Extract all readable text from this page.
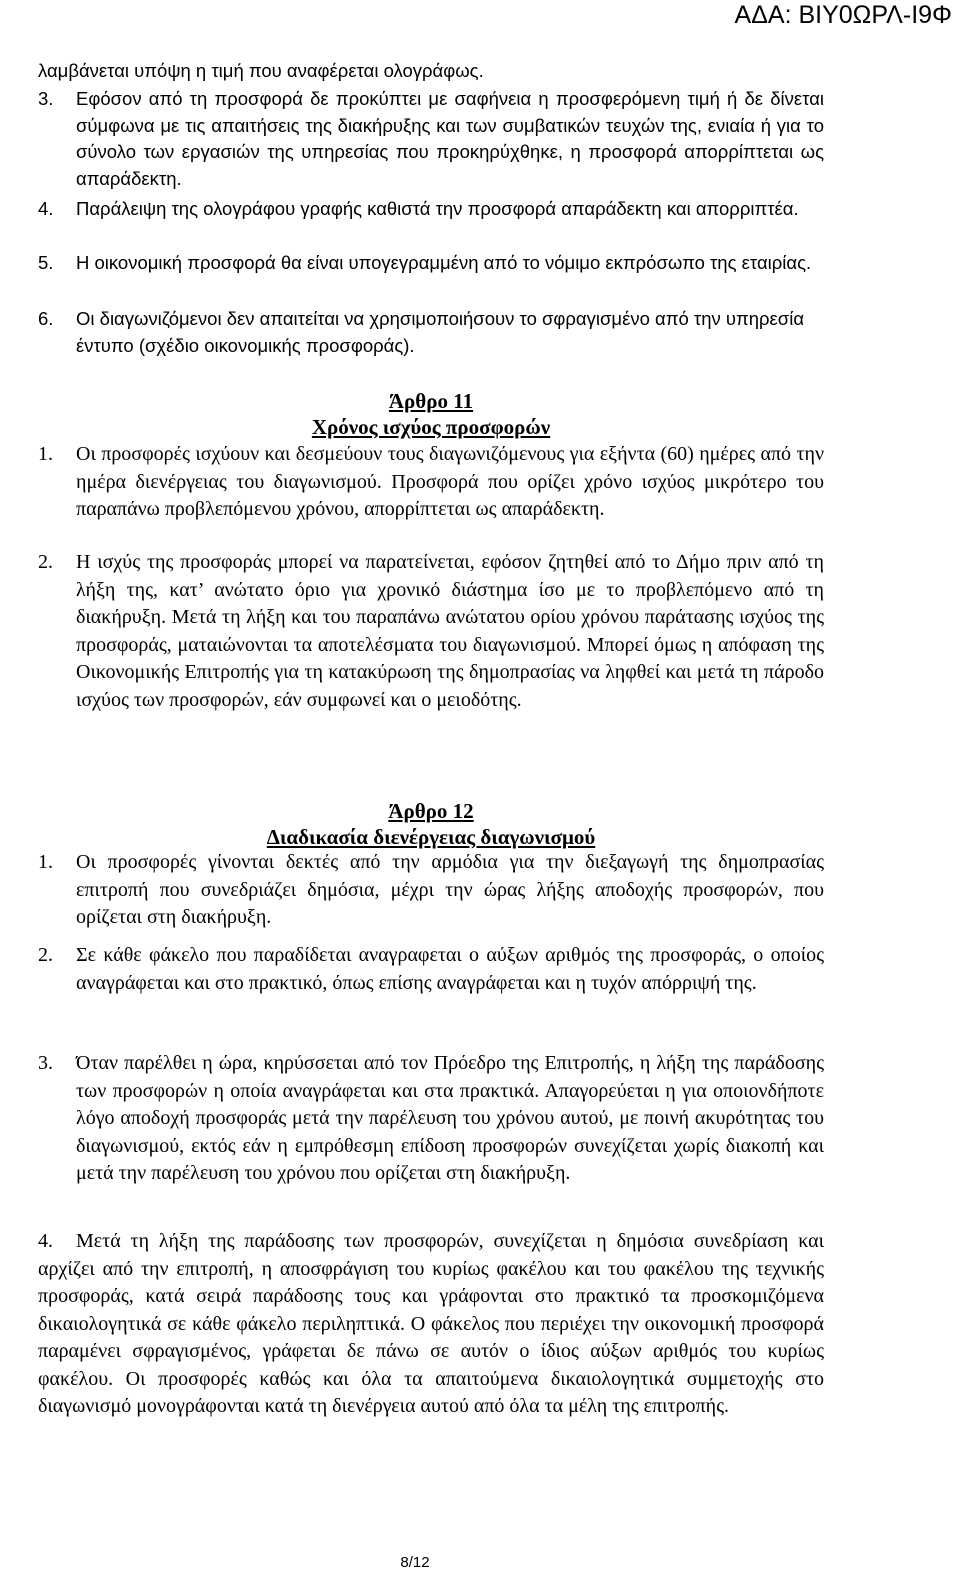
ΑΔΑ: ΒΙΥ0ΩΡΛ-Ι9Φ

λαμβάνεται υπόψη η τιμή που αναφέρεται ολογράφως.

3. Εφόσον από τη προσφορά δε προκύπτει με σαφήνεια η προσφερόμενη τιμή ή δε δίνεται σύμφωνα με τις απαιτήσεις της διακήρυξης και των συμβατικών τευχών της, ενιαία ή για το σύνολο των εργασιών της υπηρεσίας που προκηρύχθηκε, η προσφορά απορρίπτεται ως απαράδεκτη.

4. Παράλειψη της ολογράφου γραφής καθιστά την προσφορά απαράδεκτη και απορριπτέα.

5. Η οικονομική προσφορά θα είναι υπογεγραμμένη από το νόμιμο εκπρόσωπο της εταιρίας.

6. Οι διαγωνιζόμενοι δεν απαιτείται να χρησιμοποιήσουν το σφραγισμένο από την υπηρεσία έντυπο (σχέδιο οικονομικής προσφοράς).

Άρθρο 11

Χρόνος ισχύος προσφορών

1. Οι προσφορές ισχύουν και δεσμεύουν τους διαγωνιζόμενους για εξήντα (60) ημέρες από την ημέρα διενέργειας του διαγωνισμού. Προσφορά που ορίζει χρόνο ισχύος μικρότερο του παραπάνω προβλεπόμενου χρόνου, απορρίπτεται ως απαράδεκτη.

2. Η ισχύς της προσφοράς μπορεί να παρατείνεται, εφόσον ζητηθεί από το Δήμο πριν από τη λήξη της, κατ’ ανώτατο όριο για χρονικό διάστημα ίσο με το προβλεπόμενο από τη διακήρυξη. Μετά τη λήξη και του παραπάνω ανώτατου ορίου χρόνου παράτασης ισχύος της προσφοράς, ματαιώνονται τα αποτελέσματα του διαγωνισμού. Μπορεί όμως η απόφαση της Οικονομικής Επιτροπής για τη κατακύρωση της δημοπρασίας να ληφθεί και μετά τη πάροδο ισχύος των προσφορών, εάν συμφωνεί και ο μειοδότης.

Άρθρο 12

Διαδικασία διενέργειας διαγωνισμού

1. Οι προσφορές γίνονται δεκτές από την αρμόδια για την διεξαγωγή της δημοπρασίας επιτροπή που συνεδριάζει δημόσια, μέχρι την ώρας λήξης αποδοχής προσφορών, που ορίζεται στη διακήρυξη.

2. Σε κάθε φάκελο που παραδίδεται αναγραφεται ο αύξων αριθμός της προσφοράς, ο οποίος αναγράφεται και στο πρακτικό, όπως επίσης αναγράφεται και η τυχόν απόρριψή της.

3. Όταν παρέλθει η ώρα, κηρύσσεται από τον Πρόεδρο της Επιτροπής, η λήξη της παράδοσης των προσφορών η οποία αναγράφεται και στα πρακτικά. Απαγορεύεται η για οποιονδήποτε λόγο αποδοχή προσφοράς μετά την παρέλευση του χρόνου αυτού, με ποινή ακυρότητας του διαγωνισμού, εκτός εάν η εμπρόθεσμη επίδοση προσφορών συνεχίζεται χωρίς διακοπή και μετά την παρέλευση του χρόνου που ορίζεται στη διακήρυξη.

4. Μετά τη λήξη της παράδοσης των προσφορών, συνεχίζεται η δημόσια συνεδρίαση και αρχίζει από την επιτροπή, η αποσφράγιση του κυρίως φακέλου και του φακέλου της τεχνικής προσφοράς, κατά σειρά παράδοσης τους και γράφονται στο πρακτικό τα προσκομιζόμενα δικαιολογητικά σε κάθε φάκελο περιληπτικά. Ο φάκελος που περιέχει την οικονομική προσφορά παραμένει σφραγισμένος, γράφεται δε πάνω σε αυτόν ο ίδιος αύξων αριθμός του κυρίως φακέλου. Οι προσφορές καθώς και όλα τα απαιτούμενα δικαιολογητικά συμμετοχής στο διαγωνισμό μονογράφονται κατά τη διενέργεια αυτού από όλα τα μέλη της επιτροπής.

8/12
